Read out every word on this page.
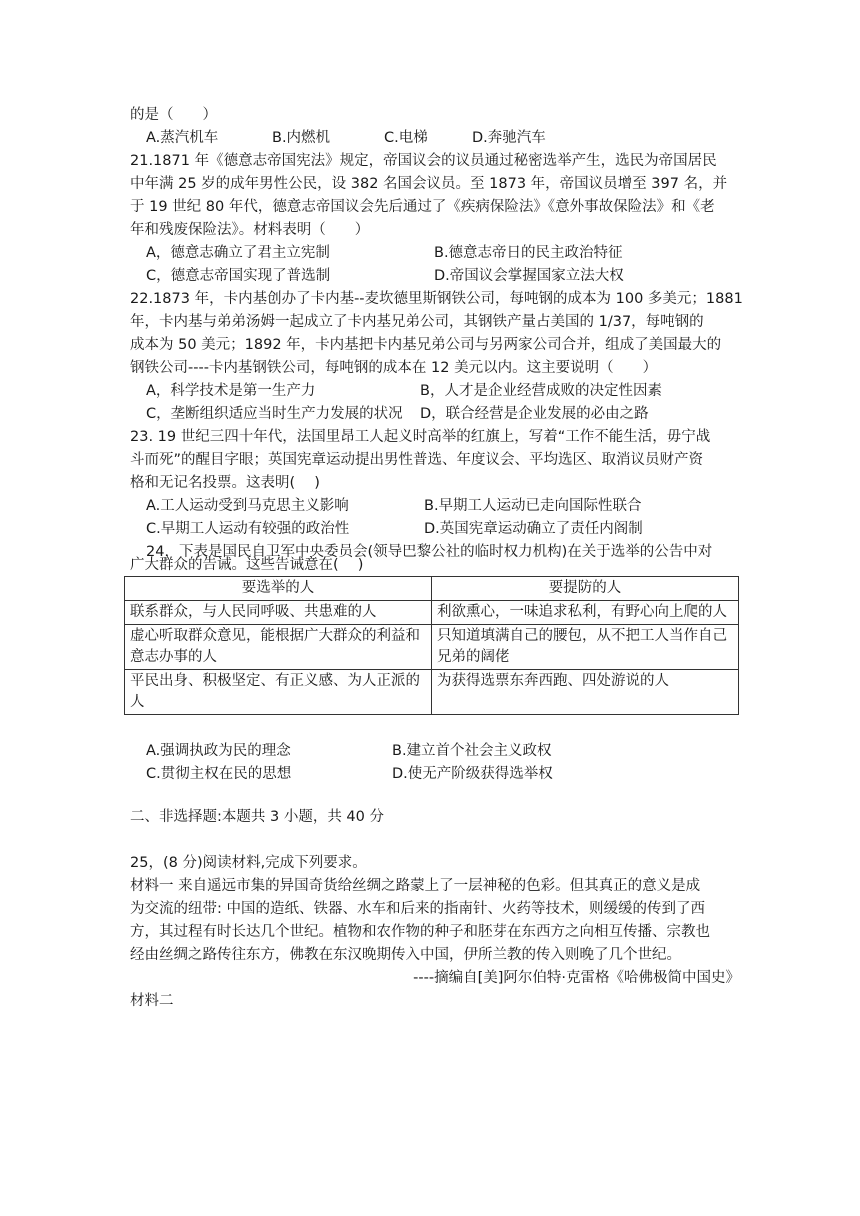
的是（　　）
A.蒸汽机车	B.内燃机	C.电梯	D.奔驰汽车
21.1871 年《德意志帝国宪法》规定，帝国议会的议员通过秘密选举产生，选民为帝国居民
中年满 25 岁的成年男性公民，设 382 名国会议员。至 1873 年，帝国议员增至 397 名，并
于 19 世纪 80 年代，德意志帝国议会先后通过了《疾病保险法》《意外事故保险法》和《老
年和残废保险法》。材料表明（　　）
A，德意志确立了君主立宪制	B.德意志帝日的民主政治特征
C，德意志帝国实现了普选制	D.帝国议会掌握国家立法大权
22.1873 年，卡内基创办了卡内基--麦坎德里斯钢铁公司，每吨钢的成本为 100 多美元；1881
年，卡内基与弟弟汤姆一起成立了卡内基兄弟公司，其钢铁产量占美国的 1/37，每吨钢的
成本为 50 美元；1892 年，卡内基把卡内基兄弟公司与另两家公司合并，组成了美国最大的
钢铁公司----卡内基钢铁公司，每吨钢的成本在 12 美元以内。这主要说明（　　）
A，科学技术是第一生产力	B，人才是企业经营成败的决定性因素
C，垄断组织适应当时生产力发展的状况 D，联合经营是企业发展的必由之路
23. 19 世纪三四十年代，法国里昂工人起义时高举的红旗上，写着“工作不能生活，毋宁战
斗而死”的醒目字眼；英国宪章运动提出男性普选、年度议会、平均选区、取消议员财产资
格和无记名投票。这表明(　 )
A.工人运动受到马克思主义影响	B.早期工人运动已走向国际性联合
C.早期工人运动有较强的政治性	D.英国宪章运动确立了责任内阁制
24，下表是国民自卫军中央委员会(领导巴黎公社的临时权力机构)在关于选举的公告中对
要选举的人	要提防的人
联系群众，与人民同呼吸、共患难的人	利欲熏心，一味追求私利，有野心向上爬的人
虚心听取群众意见，能根据广大群众的利益和意志办事的人	只知道填满自己的腰包，从不把工人当作自己兄弟的阔佬
平民出身、积极坚定、有正义感、为人正派的人	为获得选票东奔西跑、四处游说的人
A.强调执政为民的理念	B.建立首个社会主义政权
C.贯彻主权在民的思想	D.使无产阶级获得选举权
二、非选择题:本题共 3 小题，共 40 分
25，(8 分)阅读材料,完成下列要求。
材料一 来自遥远市集的异国奇货给丝绸之路蒙上了一层神秘的色彩。但其真正的意义是成
为交流的纽带: 中国的造纸、铁器、水车和后来的指南针、火药等技术，则缓缓的传到了西
方，其过程有时长达几个世纪。植物和农作物的种子和胚芽在东西方之向相互传播、宗教也
经由丝绸之路传往东方，佛教在东汉晚期传入中国，伊所兰教的传入则晚了几个世纪。
----摘编自[美]阿尔伯特·克雷格《哈佛极简中国史》
材料二
广大群众的告诫。这些告诫意在(　 )
